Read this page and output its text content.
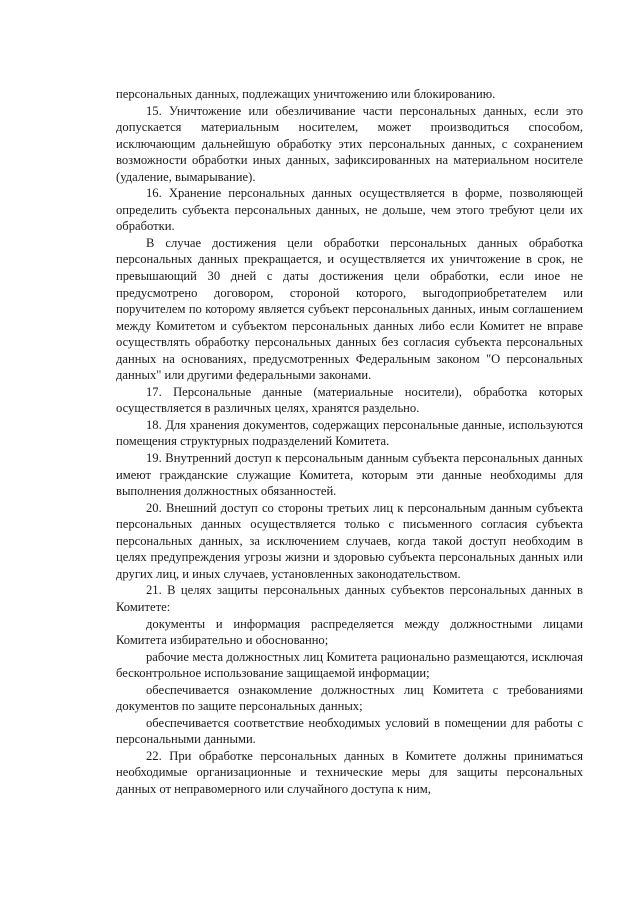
персональных данных, подлежащих уничтожению или блокированию.

15. Уничтожение или обезличивание части персональных данных, если это допускается материальным носителем, может производиться способом, исключающим дальнейшую обработку этих персональных данных, с сохранением возможности обработки иных данных, зафиксированных на материальном носителе (удаление, вымарывание).

16. Хранение персональных данных осуществляется в форме, позволяющей определить субъекта персональных данных, не дольше, чем этого требуют цели их обработки.

В случае достижения цели обработки персональных данных обработка персональных данных прекращается, и осуществляется их уничтожение в срок, не превышающий 30 дней с даты достижения цели обработки, если иное не предусмотрено договором, стороной которого, выгодоприобретателем или поручителем по которому является субъект персональных данных, иным соглашением между Комитетом и субъектом персональных данных либо если Комитет не вправе осуществлять обработку персональных данных без согласия субъекта персональных данных на основаниях, предусмотренных Федеральным законом "О персональных данных" или другими федеральными законами.

17. Персональные данные (материальные носители), обработка которых осуществляется в различных целях, хранятся раздельно.

18. Для хранения документов, содержащих персональные данные, используются помещения структурных подразделений Комитета.

19. Внутренний доступ к персональным данным субъекта персональных данных имеют гражданские служащие Комитета, которым эти данные необходимы для выполнения должностных обязанностей.

20. Внешний доступ со стороны третьих лиц к персональным данным субъекта персональных данных осуществляется только с письменного согласия субъекта персональных данных, за исключением случаев, когда такой доступ необходим в целях предупреждения угрозы жизни и здоровью субъекта персональных данных или других лиц, и иных случаев, установленных законодательством.

21. В целях защиты персональных данных субъектов персональных данных в Комитете:

документы и информация распределяется между должностными лицами Комитета избирательно и обоснованно;

рабочие места должностных лиц Комитета рационально размещаются, исключая бесконтрольное использование защищаемой информации;

обеспечивается ознакомление должностных лиц Комитета с требованиями документов по защите персональных данных;

обеспечивается соответствие необходимых условий в помещении для работы с персональными данными.

22. При обработке персональных данных в Комитете должны приниматься необходимые организационные и технические меры для защиты персональных данных от неправомерного или случайного доступа к ним,
